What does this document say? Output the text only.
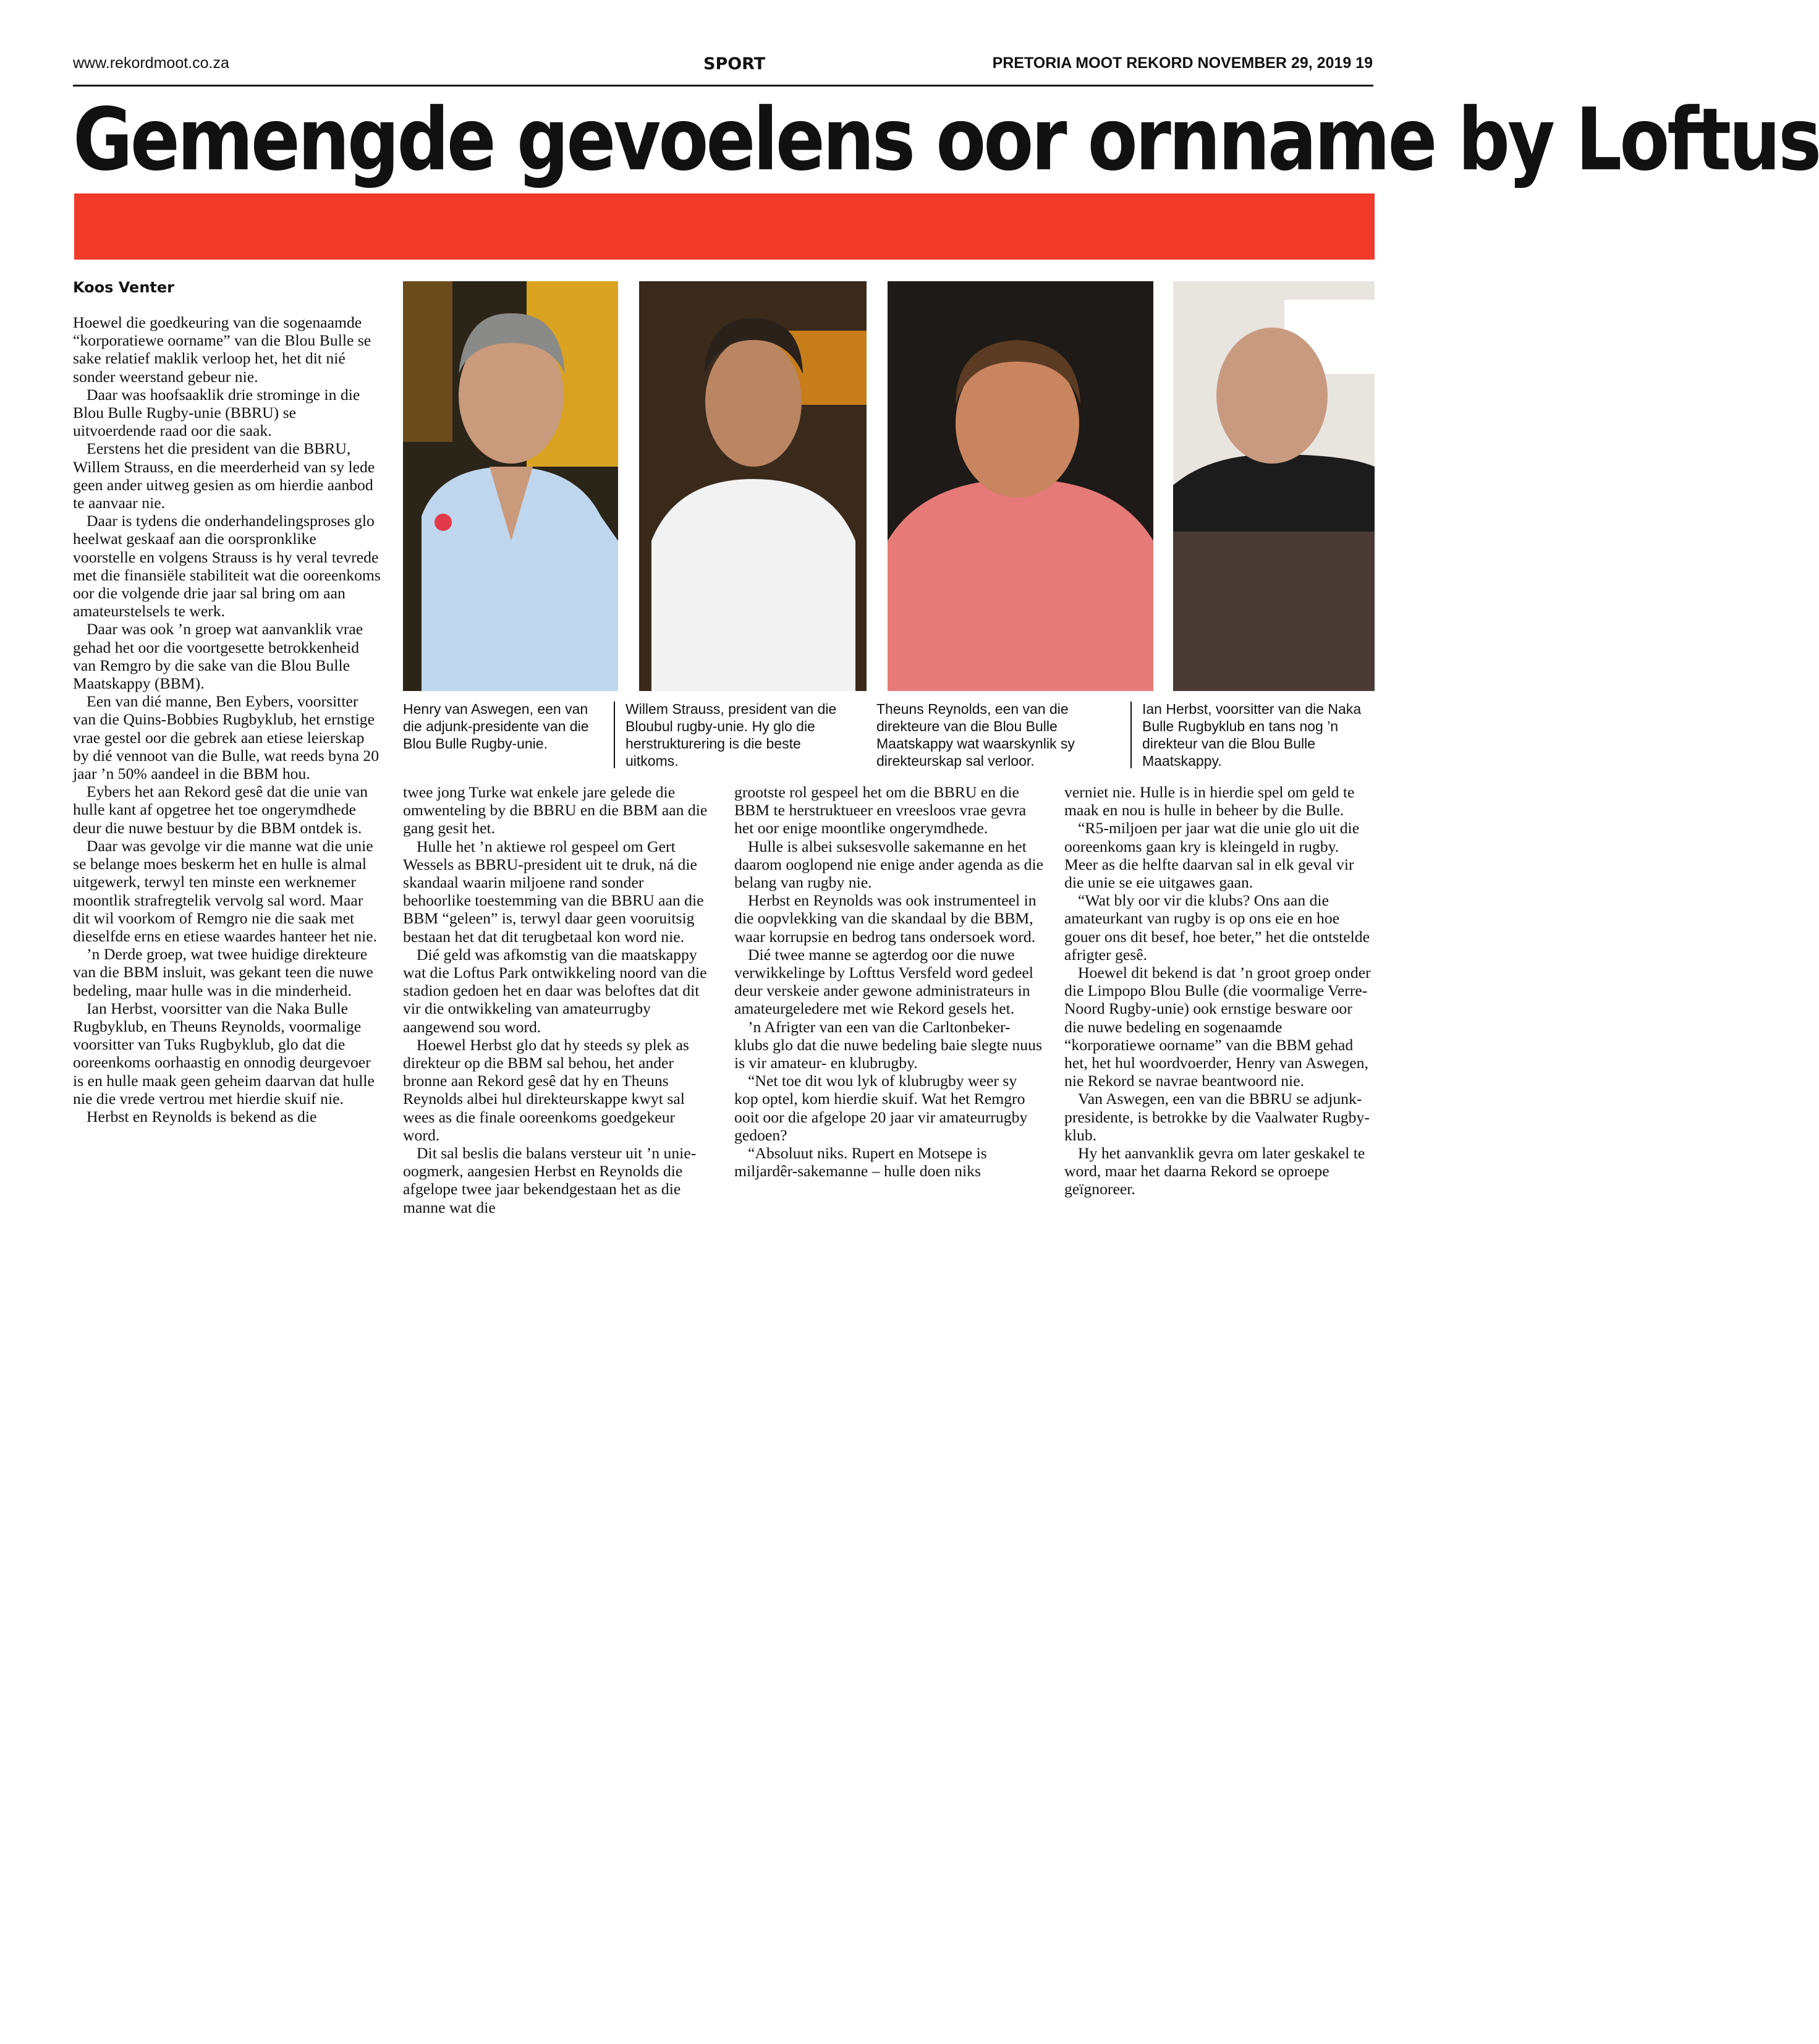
www.rekordmoot.co.za	SPORT	PRETORIA MOOT REKORD NOVEMBER 29, 2019 19
Gemengde gevoelens oor ornname by Loftus
Koos Venter
Henry van Aswegen, een van die adjunk-presidente van die Blou Bulle Rugby-unie.
Willem Strauss, president van die Bloubul rugby-unie. Hy glo die herstrukturering is die beste uitkoms.
Theuns Reynolds, een van die direkteure van die Blou Bulle Maatskappy wat waarskynlik sy direkteurskap sal verloor.
Ian Herbst, voorsitter van die Naka Bulle Rugbyklub en tans nog ’n direkteur van die Blou Bulle Maatskappy.

Hoewel die goedkeuring van die sogenaamde “korporatiewe oorname” van die Blou Bulle se sake relatief maklik verloop het, het dit nié sonder weerstand gebeur nie.

Daar was hoofsaaklik drie strominge in die Blou Bulle Rugby-unie (BBRU) se uitvoerdende raad oor die saak.

Eerstens het die president van die BBRU, Willem Strauss, en die meerderheid van sy lede geen ander uitweg gesien as om hierdie aanbod te aanvaar nie.

Daar is tydens die onderhandelingsproses glo heelwat geskaaf aan die oorspronklike voorstelle en volgens Strauss is hy veral tevrede met die finansiële stabiliteit wat die ooreenkoms oor die volgende drie jaar sal bring om aan amateurstelsels te werk.

Daar was ook ’n groep wat aanvanklik vrae gehad het oor die voortgesette betrokkenheid van Remgro by die sake van die Blou Bulle Maatskappy (BBM).

Een van dié manne, Ben Eybers, voorsitter van die Quins-Bobbies Rugbyklub, het ernstige vrae gestel oor die gebrek aan etiese leierskap by dié vennoot van die Bulle, wat reeds byna 20 jaar ’n 50% aandeel in die BBM hou.

Eybers het aan Rekord gesê dat die unie van hulle kant af opgetree het toe ongerymdhede deur die nuwe bestuur by die BBM ontdek is.

Daar was gevolge vir die manne wat die unie se belange moes beskerm het en hulle is almal uitgewerk, terwyl ten minste een werknemer moontlik strafregtelik vervolg sal word. Maar dit wil voorkom of Remgro nie die saak met dieselfde erns en etiese waardes hanteer het nie.

’n Derde groep, wat twee huidige direkteure van die BBM insluit, was gekant teen die nuwe bedeling, maar hulle was in die minderheid.

Ian Herbst, voorsitter van die Naka Bulle Rugbyklub, en Theuns Reynolds, voormalige voorsitter van Tuks Rugbyklub, glo dat die ooreenkoms oorhaastig en onnodig deurgevoer is en hulle maak geen geheim daarvan dat hulle nie die vrede vertrou met hierdie skuif nie.

Herbst en Reynolds is bekend as die

twee jong Turke wat enkele jare gelede die omwenteling by die BBRU en die BBM aan die gang gesit het.

Hulle het ’n aktiewe rol gespeel om Gert Wessels as BBRU-president uit te druk, ná die skandaal waarin miljoene rand sonder behoorlike toestemming van die BBRU aan die BBM “geleen” is, terwyl daar geen vooruitsig bestaan het dat dit terugbetaal kon word nie.

Dié geld was afkomstig van die maatskappy wat die Loftus Park ontwikkeling noord van die stadion gedoen het en daar was beloftes dat dit vir die ontwikkeling van amateurrugby aangewend sou word.

Hoewel Herbst glo dat hy steeds sy plek as direkteur op die BBM sal behou, het ander bronne aan Rekord gesê dat hy en Theuns Reynolds albei hul direkteurskappe kwyt sal wees as die finale ooreenkoms goedgekeur word.

Dit sal beslis die balans versteur uit ’n unie-oogmerk, aangesien Herbst en Reynolds die afgelope twee jaar bekendgestaan het as die manne wat die

grootste rol gespeel het om die BBRU en die BBM te herstruktueer en vreesloos vrae gevra het oor enige moontlike ongerymdhede.

Hulle is albei suksesvolle sakemanne en het daarom ooglopend nie enige ander agenda as die belang van rugby nie.

Herbst en Reynolds was ook instrumenteel in die oopvlekking van die skandaal by die BBM, waar korrupsie en bedrog tans ondersoek word.

Dié twee manne se agterdog oor die nuwe verwikkelinge by Lofttus Versfeld word gedeel deur verskeie ander gewone administrateurs in amateurgeledere met wie Rekord gesels het.

’n Afrigter van een van die Carltonbeker-klubs glo dat die nuwe bedeling baie slegte nuus is vir amateur- en klubrugby.

“Net toe dit wou lyk of klubrugby weer sy kop optel, kom hierdie skuif. Wat het Remgro ooit oor die afgelope 20 jaar vir amateurrugby gedoen?

“Absoluut niks. Rupert en Motsepe is miljardêr-sakemanne – hulle doen niks

verniet nie. Hulle is in hierdie spel om geld te maak en nou is hulle in beheer by die Bulle.

“R5-miljoen per jaar wat die unie glo uit die ooreenkoms gaan kry is kleingeld in rugby. Meer as die helfte daarvan sal in elk geval vir die unie se eie uitgawes gaan.

“Wat bly oor vir die klubs? Ons aan die amateurkant van rugby is op ons eie en hoe gouer ons dit besef, hoe beter,” het die ontstelde afrigter gesê.

Hoewel dit bekend is dat ’n groot groep onder die Limpopo Blou Bulle (die voormalige Verre-Noord Rugby-unie) ook ernstige besware oor die nuwe bedeling en sogenaamde “korporatiewe oorname” van die BBM gehad het, het hul woordvoerder, Henry van Aswegen, nie Rekord se navrae beantwoord nie.

Van Aswegen, een van die BBRU se adjunk-presidente, is betrokke by die Vaalwater Rugby-klub.

Hy het aanvanklik gevra om later geskakel te word, maar het daarna Rekord se oproepe geïgnoreer.
